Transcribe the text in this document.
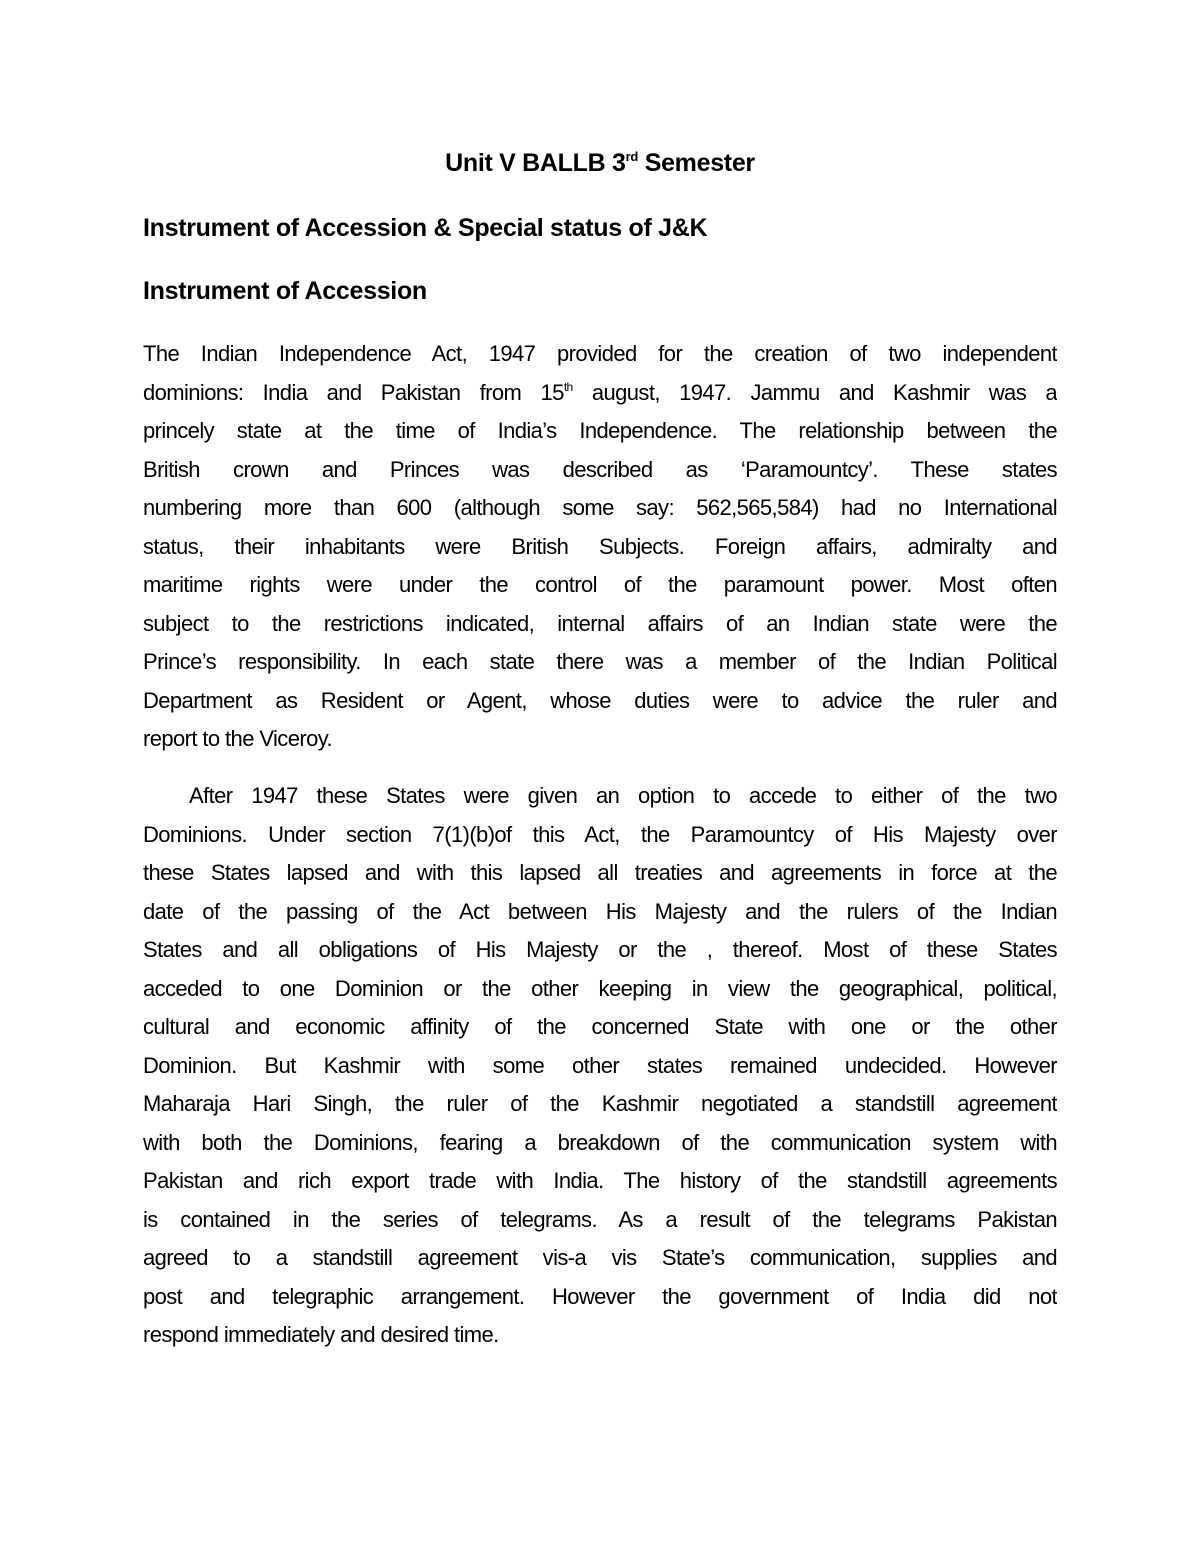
Unit V BALLB 3rd Semester
Instrument of Accession & Special status of J&K
Instrument of Accession
The Indian Independence Act, 1947 provided for the creation of two independent
dominions: India and Pakistan from 15th august, 1947. Jammu and Kashmir was a
princely state at the time of India’s Independence. The relationship between the
British crown and Princes was described as ‘Paramountcy’. These states
numbering more than 600 (although some say: 562,565,584) had no International
status, their inhabitants were British Subjects. Foreign affairs, admiralty and
maritime rights were under the control of the paramount power. Most often
subject to the restrictions indicated, internal affairs of an Indian state were the
Prince’s responsibility. In each state there was a member of the Indian Political
Department as Resident or Agent, whose duties were to advice the ruler and
report to the Viceroy.
After 1947 these States were given an option to accede to either of the two
Dominions. Under section 7(1)(b)of this Act, the Paramountcy of His Majesty over
these States lapsed and with this lapsed all treaties and agreements in force at the
date of the passing of the Act between His Majesty and the rulers of the Indian
States and all obligations of His Majesty or the , thereof. Most of these States
acceded to one Dominion or the other keeping in view the geographical, political,
cultural and economic affinity of the concerned State with one or the other
Dominion. But Kashmir with some other states remained undecided. However
Maharaja Hari Singh, the ruler of the Kashmir negotiated a standstill agreement
with both the Dominions, fearing a breakdown of the communication system with
Pakistan and rich export trade with India. The history of the standstill agreements
is contained in the series of telegrams. As a result of the telegrams Pakistan
agreed to a standstill agreement vis-a vis State’s communication, supplies and
post and telegraphic arrangement. However the government of India did not
respond immediately and desired time.
